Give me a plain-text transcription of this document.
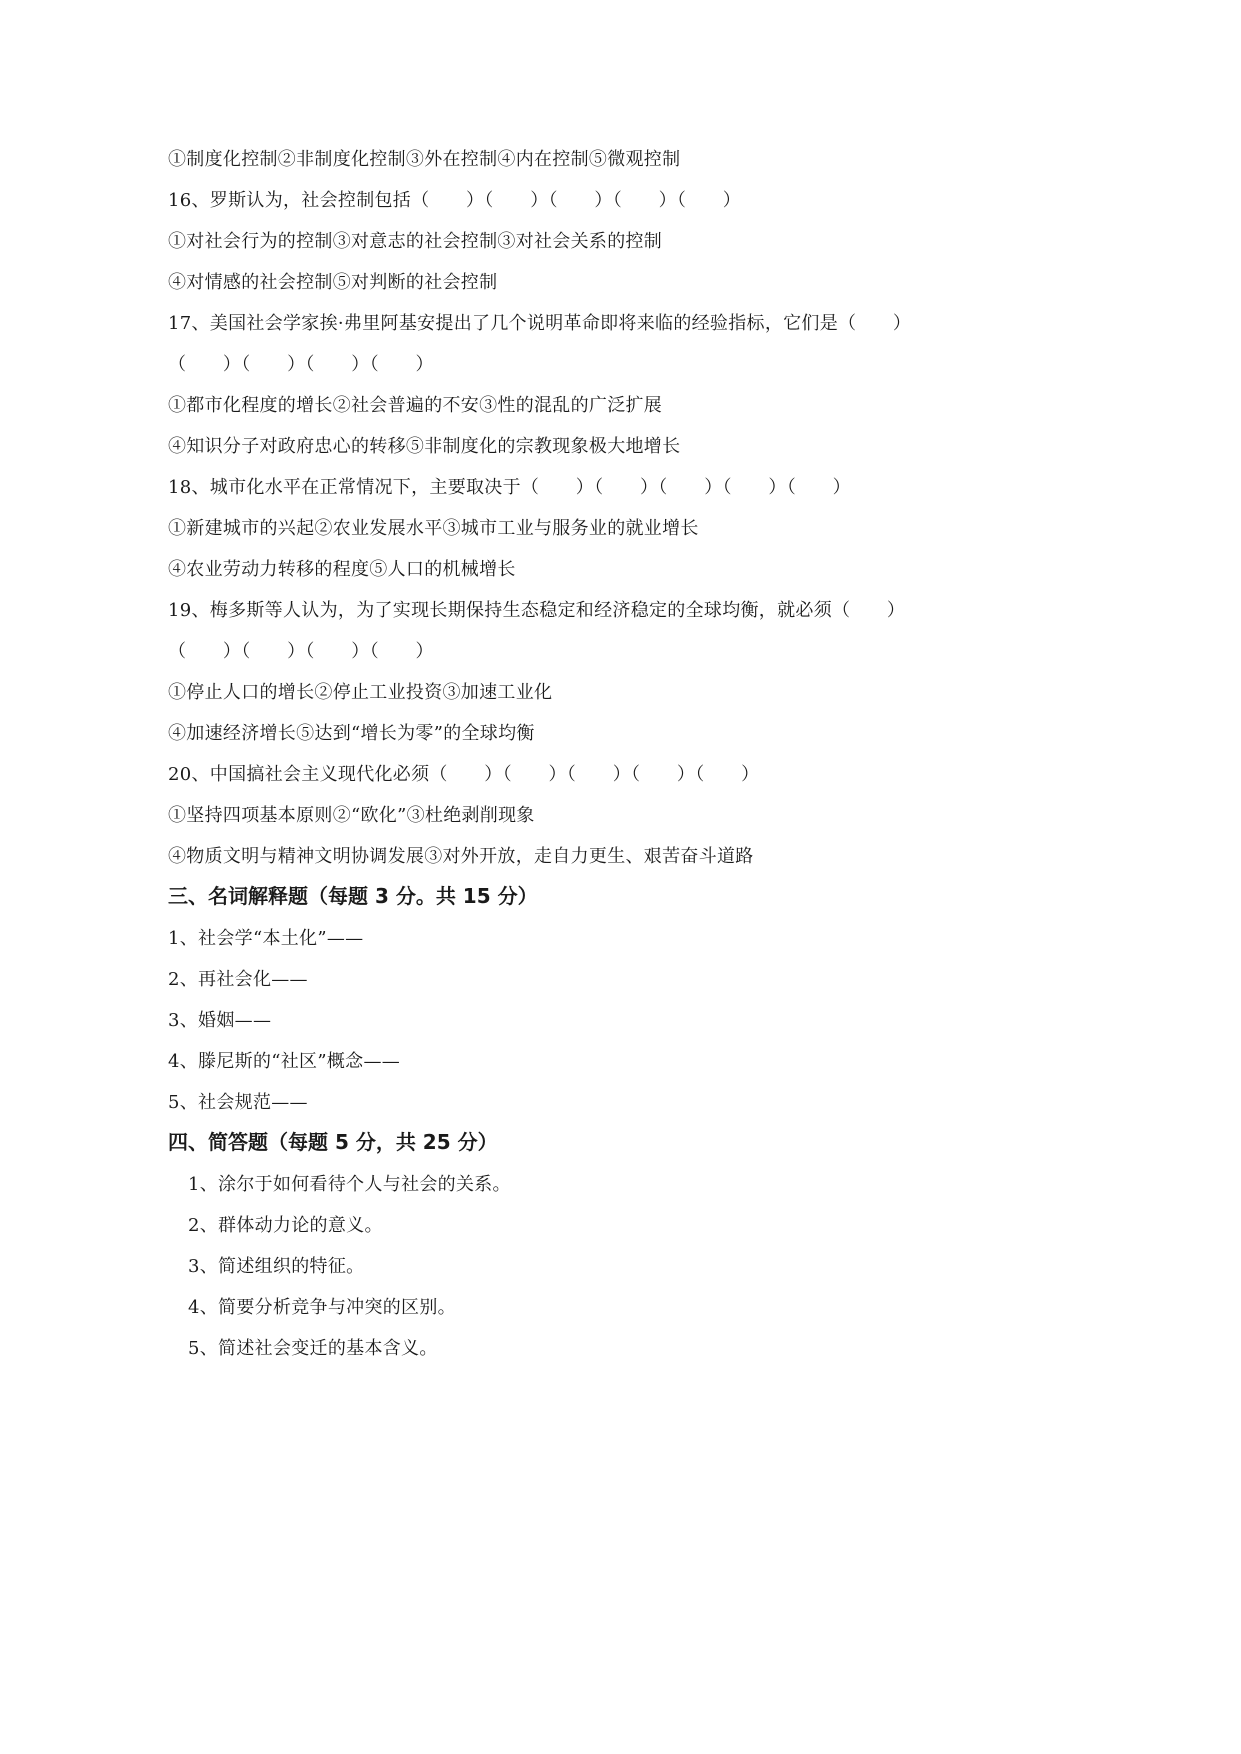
①制度化控制②非制度化控制③外在控制④内在控制⑤微观控制
16、罗斯认为，社会控制包括（　　）（　　）（　　）（　　）（　　）
①对社会行为的控制③对意志的社会控制③对社会关系的控制
④对情感的社会控制⑤对判断的社会控制
17、美国社会学家挨·弗里阿基安提出了几个说明革命即将来临的经验指标，它们是（　　）
（　　）（　　）（　　）（　　）
①都市化程度的增长②社会普遍的不安③性的混乱的广泛扩展
④知识分子对政府忠心的转移⑤非制度化的宗教现象极大地增长
18、城市化水平在正常情况下，主要取决于（　　）（　　）（　　）（　　）（　　）
①新建城市的兴起②农业发展水平③城市工业与服务业的就业增长
④农业劳动力转移的程度⑤人口的机械增长
19、梅多斯等人认为，为了实现长期保持生态稳定和经济稳定的全球均衡，就必须（　　）
（　　）（　　）（　　）（　　）
①停止人口的增长②停止工业投资③加速工业化
④加速经济增长⑤达到“增长为零”的全球均衡
20、中国搞社会主义现代化必须（　　）（　　）（　　）（　　）（　　）
①坚持四项基本原则②“欧化”③杜绝剥削现象
④物质文明与精神文明协调发展③对外开放，走自力更生、艰苦奋斗道路
三、名词解释题（每题 3 分。共 15 分）
1、社会学“本土化”——
2、再社会化——
3、婚姻——
4、滕尼斯的“社区”概念——
5、社会规范——
四、简答题（每题 5 分，共 25 分）
1、涂尔于如何看待个人与社会的关系。
2、群体动力论的意义。
3、简述组织的特征。
4、简要分析竞争与冲突的区别。
5、简述社会变迁的基本含义。
